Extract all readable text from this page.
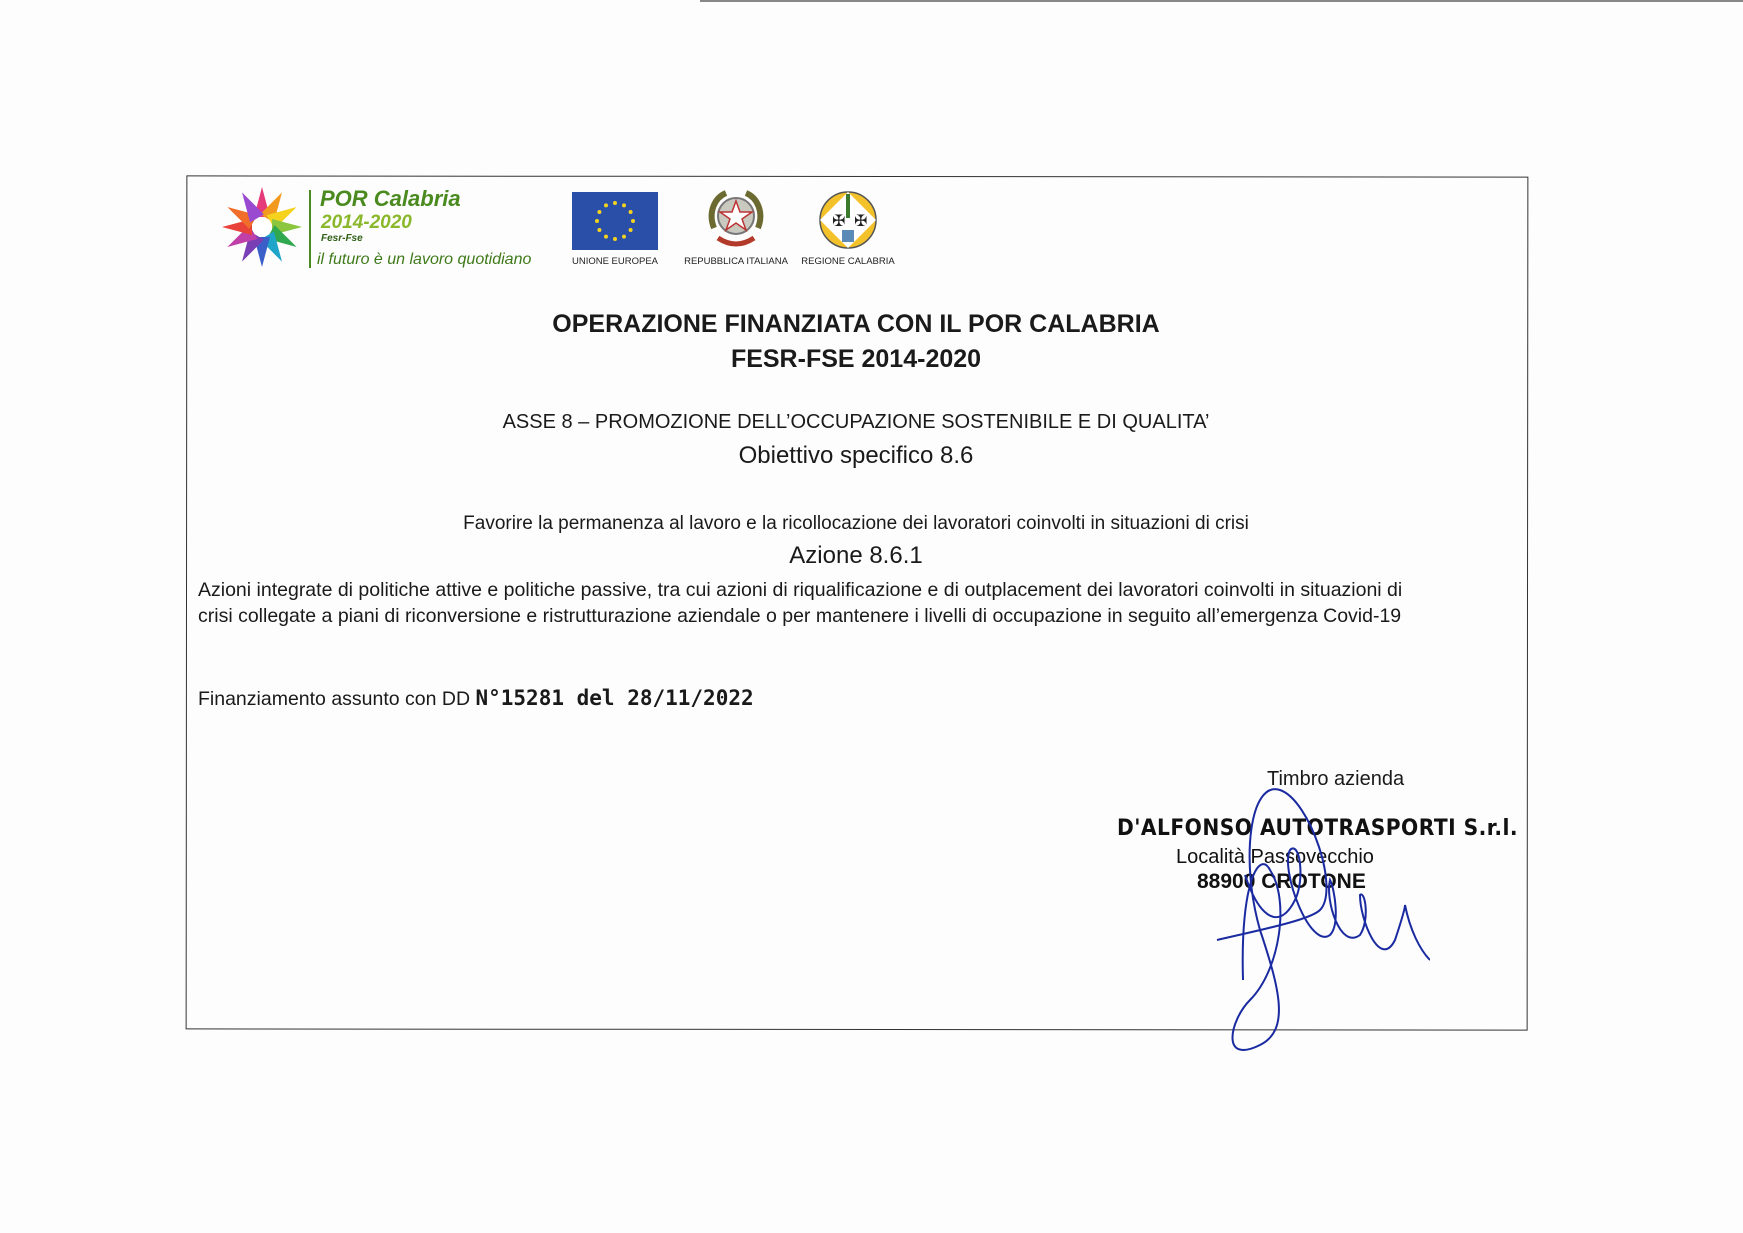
POR Calabria
2014-2020
Fesr-Fse
il futuro è un lavoro quotidiano	UNIONE EUROPEA	REPUBBLICA ITALIANA
✠ ✠
REGIONE CALABRIA
OPERAZIONE FINANZIATA CON IL POR CALABRIA
FESR-FSE 2014-2020
ASSE 8 – PROMOZIONE DELL’OCCUPAZIONE SOSTENIBILE E DI QUALITA’
Obiettivo specifico 8.6
Favorire la permanenza al lavoro e la ricollocazione dei lavoratori coinvolti in situazioni di crisi
Azione 8.6.1
Azioni integrate di politiche attive e politiche passive, tra cui azioni di riqualificazione e di outplacement dei lavoratori coinvolti in situazioni di
crisi collegate a piani di riconversione e ristrutturazione aziendale o per mantenere i livelli di occupazione in seguito all’emergenza Covid-19
Finanziamento assunto con DD N°15281 del 28/11/2022
Timbro azienda
D'ALFONSO AUTOTRASPORTI S.r.l.
Località Passovecchio
88900 CROTONE
